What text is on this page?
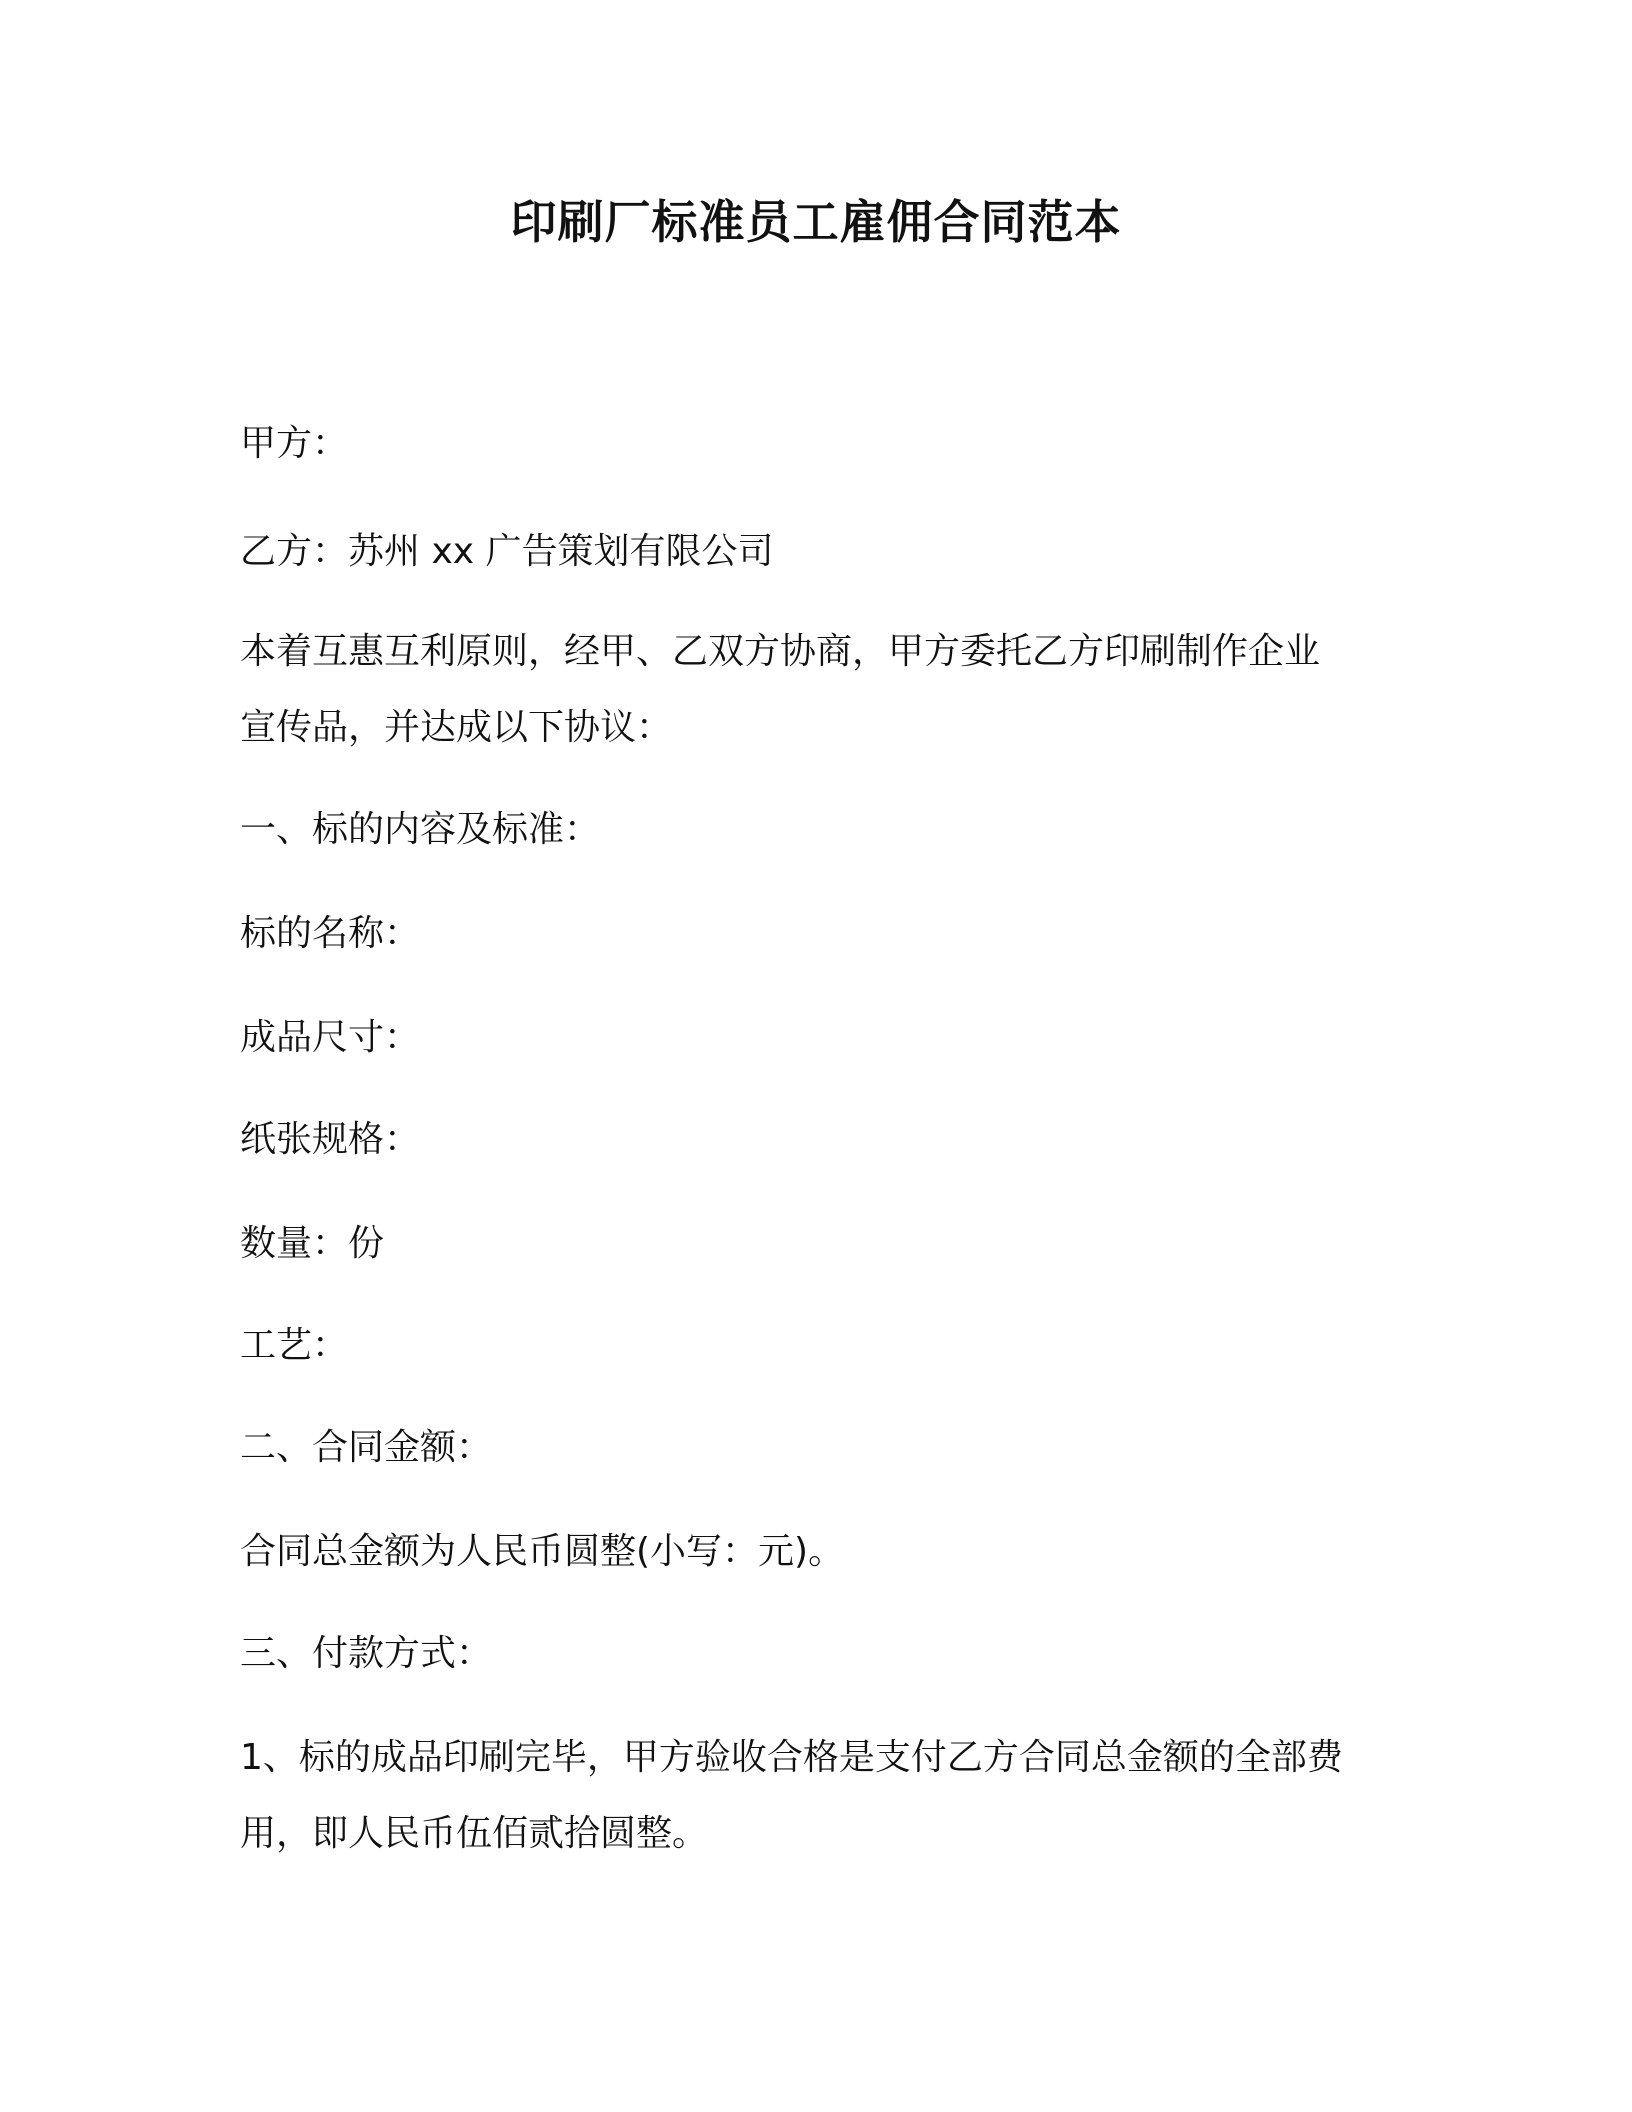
印刷厂标准员工雇佣合同范本
甲方：
乙方：苏州 xx 广告策划有限公司
本着互惠互利原则，经甲、乙双方协商，甲方委托乙方印刷制作企业
宣传品，并达成以下协议：
一、标的内容及标准：
标的名称：
成品尺寸：
纸张规格：
数量：份
工艺：
二、合同金额：
合同总金额为人民币圆整(小写：元)。
三、付款方式：
1、标的成品印刷完毕，甲方验收合格是支付乙方合同总金额的全部费
用，即人民币伍佰贰拾圆整。
